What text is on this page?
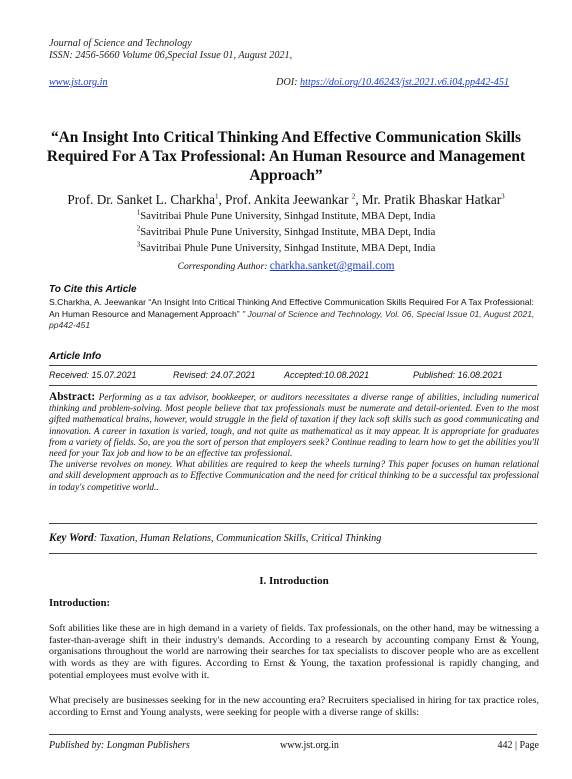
Journal of Science and Technology
ISSN: 2456-5660 Volume 06,Special Issue 01, August 2021,
www.jst.org.in	DOI: https://doi.org/10.46243/jst.2021.v6.i04.pp442-451
“An Insight Into Critical Thinking And Effective Communication Skills Required For A Tax Professional: An Human Resource and Management Approach”
Prof. Dr. Sanket L. Charkha$^1$, Prof. Ankita Jeewankar $^2$, Mr. Pratik Bhaskar Hatkar$^3$
$^1$Savitribai Phule Pune University, Sinhgad Institute, MBA Dept, India
$^2$Savitribai Phule Pune University, Sinhgad Institute, MBA Dept, India
$^3$Savitribai Phule Pune University, Sinhgad Institute, MBA Dept, India
Corresponding Author: charkha.sanket@gmail.com
To Cite this Article
S.Charkha, A. Jeewankar “An Insight Into Critical Thinking And Effective Communication Skills Required For A Tax Professional: An Human Resource and Management Approach” " Journal of Science and Technology, Vol. 06, Special Issue 01, August 2021, pp442-451
Article Info
Received: 15.07.2021	Revised: 24.07.2021	Accepted:10.08.2021	Published: 16.08.2021
Abstract: Performing as a tax advisor, bookkeeper, or auditors necessitates a diverse range of abilities, including numerical thinking and problem-solving. Most people believe that tax professionals must be numerate and detail-oriented. Even to the most gifted mathematical brains, however, would struggle in the field of taxation if they lack soft skills such as good communicating and innovation. A career in taxation is varied, tough, and not quite as mathematical as it may appear. It is appropriate for graduates from a variety of fields. So, are you the sort of person that employers seek? Continue reading to learn how to get the abilities you'll need for your Tax job and how to be an effective tax professional.
The universe revolves on money. What abilities are required to keep the wheels turning? This paper focuses on human relational and skill development approach as to Effective Communication and the need for critical thinking to be a successful tax professional in today's competitive world..
Key Word: Taxation, Human Relations, Communication Skills, Critical Thinking
I. Introduction
Introduction:
Soft abilities like these are in high demand in a variety of fields. Tax professionals, on the other hand, may be witnessing a faster-than-average shift in their industry's demands. According to a research by accounting company Ernst & Young, organisations throughout the world are narrowing their searches for tax specialists to discover people who are as excellent with words as they are with figures. According to Ernst & Young, the taxation professional is rapidly changing, and potential employees must evolve with it.
What precisely are businesses seeking for in the new accounting era? Recruiters specialised in hiring for tax practice roles, according to Ernst and Young analysts, were seeking for people with a diverse range of skills:
Published by: Longman Publishers	www.jst.org.in	442 | Page
